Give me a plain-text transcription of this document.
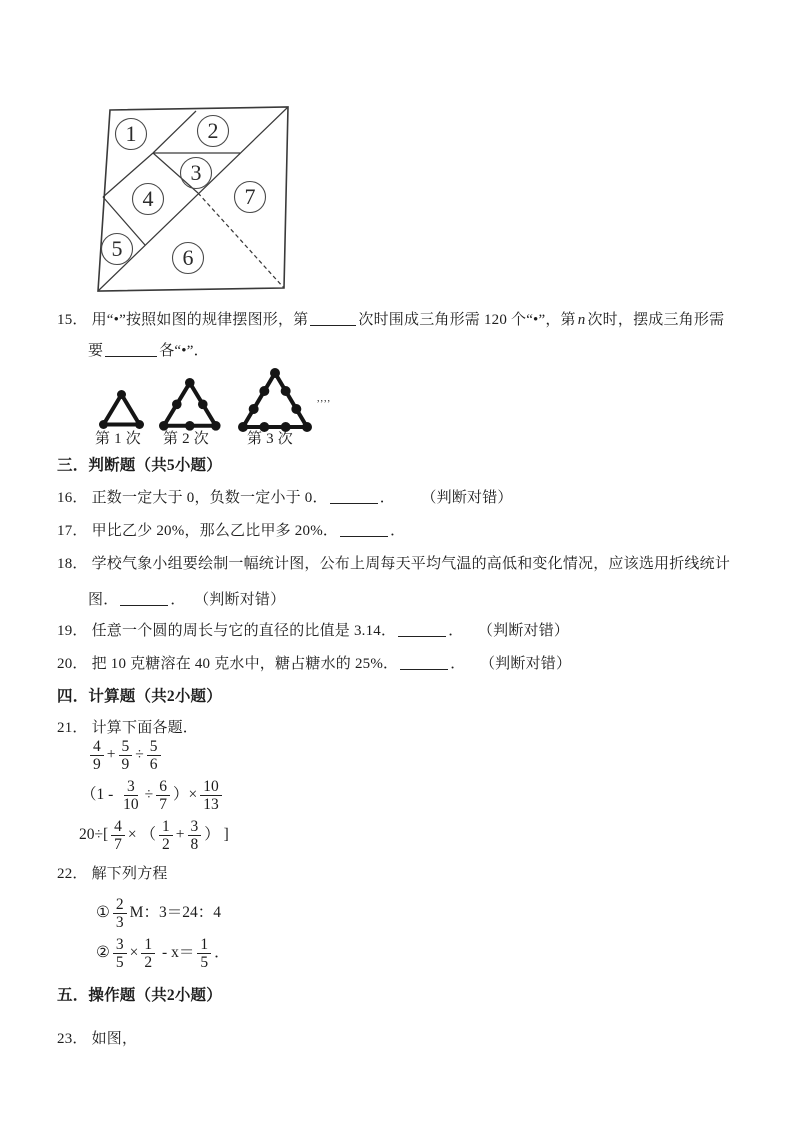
1	2
3
4
5	6
7
15． 用“•”按照如图的规律摆图形，第	次时围成三角形需 120 个“•”，第 n 次时，摆成三角形需
要	各“•”．
,,,,
第 1 次 第 2 次	第 3 次
三．判断题（共5小题）
16． 正数一定大于 0，负数一定小于 0．	． （判断对错）
17． 甲比乙少 20%，那么乙比甲多 20%．	．
18． 学校气象小组要绘制一幅统计图，公布上周每天平均气温的高低和变化情况，应该选用折线统计
图．	． （判断对错）
19． 任意一个圆的周长与它的直径的比值是 3.14．	． （判断对错）
20． 把 10 克糖溶在 40 克水中，糖占糖水的 25%．	． （判断对错）
四．计算题（共2小题）
21． 计算下面各题．
$\frac{4}{9} + \frac{5}{9} \div \frac{5}{6}$
（$1 - \frac{3}{10} \div \frac{6}{7}$ ）× $\frac{10}{13}$
$20\div[ \frac{4}{7}$ × （ $\frac{1}{2} + \frac{3}{8}$ ） ]
22． 解下列方程
① $\frac{2}{3}$ M：3＝24：4
② $\frac{3}{5} \times \frac{1}{2} - x= \frac{1}{5}$ ．
五．操作题（共2小题）
23． 如图，
